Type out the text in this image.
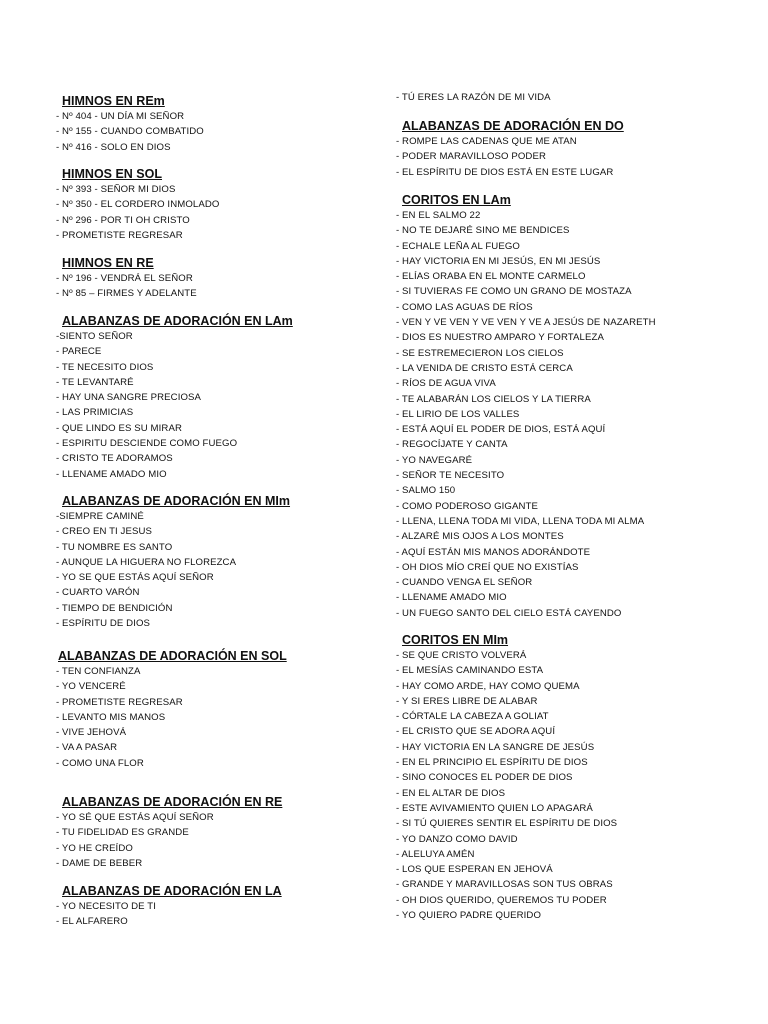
HIMNOS EN REm
- Nº 404 - UN DÍA MI SEÑOR
- Nº 155 - CUANDO COMBATIDO
- Nº 416 - SOLO EN DIOS
HIMNOS EN SOL
- Nº 393 - SEÑOR MI DIOS
- Nº 350 - EL CORDERO INMOLADO
- Nº 296 - POR TI OH CRISTO
- PROMETISTE REGRESAR
HIMNOS EN RE
- Nº 196 - VENDRÁ EL SEÑOR
- Nº 85 – FIRMES Y ADELANTE
ALABANZAS DE ADORACIÓN EN LAm
-SIENTO SEÑOR
- PARECE
- TE NECESITO DIOS
- TE LEVANTARÉ
- HAY UNA SANGRE PRECIOSA
- LAS PRIMICIAS
- QUE LINDO ES SU MIRAR
- ESPIRITU DESCIENDE COMO FUEGO
- CRISTO TE ADORAMOS
- LLENAME AMADO MIO
ALABANZAS DE ADORACIÓN EN MIm
-SIEMPRE CAMINÉ
- CREO EN TI JESUS
- TU NOMBRE ES SANTO
- AUNQUE LA HIGUERA NO FLOREZCA
- YO SE QUE ESTÁS AQUÍ SEÑOR
- CUARTO VARÓN
- TIEMPO DE BENDICIÓN
- ESPÍRITU DE DIOS
ALABANZAS DE ADORACIÓN EN SOL
- TEN CONFIANZA
- YO VENCERÉ
- PROMETISTE REGRESAR
- LEVANTO MIS MANOS
- VIVE JEHOVÁ
- VA A PASAR
- COMO UNA FLOR
ALABANZAS DE ADORACIÓN EN RE
- YO SÉ QUE ESTÁS AQUÍ SEÑOR
- TU FIDELIDAD ES GRANDE
- YO HE CREÍDO
- DAME DE BEBER
ALABANZAS DE ADORACIÓN EN LA
- YO NECESITO DE TI
- EL ALFARERO
- TÚ ERES LA RAZÓN DE MI VIDA
ALABANZAS DE ADORACIÓN EN DO
- ROMPE LAS CADENAS QUE ME ATAN
- PODER MARAVILLOSO PODER
- EL ESPÍRITU DE DIOS ESTÁ EN ESTE LUGAR
CORITOS EN LAm
- EN EL SALMO 22
- NO TE DEJARÉ SINO ME BENDICES
- ECHALE LEÑA AL FUEGO
- HAY VICTORIA EN MI JESÚS, EN MI JESÚS
- ELÍAS ORABA EN EL MONTE CARMELO
- SI TUVIERAS FE COMO UN GRANO DE MOSTAZA
- COMO LAS AGUAS DE RÍOS
- VEN Y VE VEN Y VE VEN Y VE A JESÚS DE NAZARETH
- DIOS ES NUESTRO AMPARO Y FORTALEZA
- SE ESTREMECIERON LOS CIELOS
- LA VENIDA DE CRISTO ESTÁ CERCA
- RÍOS DE AGUA VIVA
- TE ALABARÁN LOS CIELOS Y LA TIERRA
- EL LIRIO DE LOS VALLES
- ESTÁ AQUÍ EL PODER DE DIOS, ESTÁ AQUÍ
- REGOCÍJATE Y CANTA
- YO NAVEGARÉ
- SEÑOR TE NECESITO
- SALMO 150
- COMO PODEROSO GIGANTE
- LLENA, LLENA TODA MI VIDA, LLENA TODA MI ALMA
- ALZARÉ MIS OJOS A LOS MONTES
- AQUÍ ESTÁN MIS MANOS ADORÁNDOTE
- OH DIOS MÍO CREÍ QUE NO EXISTÍAS
- CUANDO VENGA EL SEÑOR
- LLENAME AMADO MIO
- UN FUEGO SANTO DEL CIELO ESTÁ CAYENDO
CORITOS EN MIm
- SE QUE CRISTO VOLVERÁ
- EL MESÍAS CAMINANDO ESTA
- HAY COMO ARDE, HAY COMO QUEMA
- Y SI ERES LIBRE DE ALABAR
- CÓRTALE LA CABEZA A GOLIAT
- EL CRISTO QUE SE ADORA AQUÍ
- HAY VICTORIA EN LA SANGRE DE JESÚS
- EN EL PRINCIPIO EL ESPÍRITU DE DIOS
- SINO CONOCES EL PODER DE DIOS
- EN EL ALTAR DE DIOS
- ESTE AVIVAMIENTO QUIEN LO APAGARÁ
- SI TÚ QUIERES SENTIR EL ESPÍRITU DE DIOS
- YO DANZO COMO DAVID
- ALELUYA AMÉN
- LOS QUE ESPERAN EN JEHOVÁ
- GRANDE Y MARAVILLOSAS SON TUS OBRAS
- OH DIOS QUERIDO, QUEREMOS TU PODER
- YO QUIERO PADRE QUERIDO
